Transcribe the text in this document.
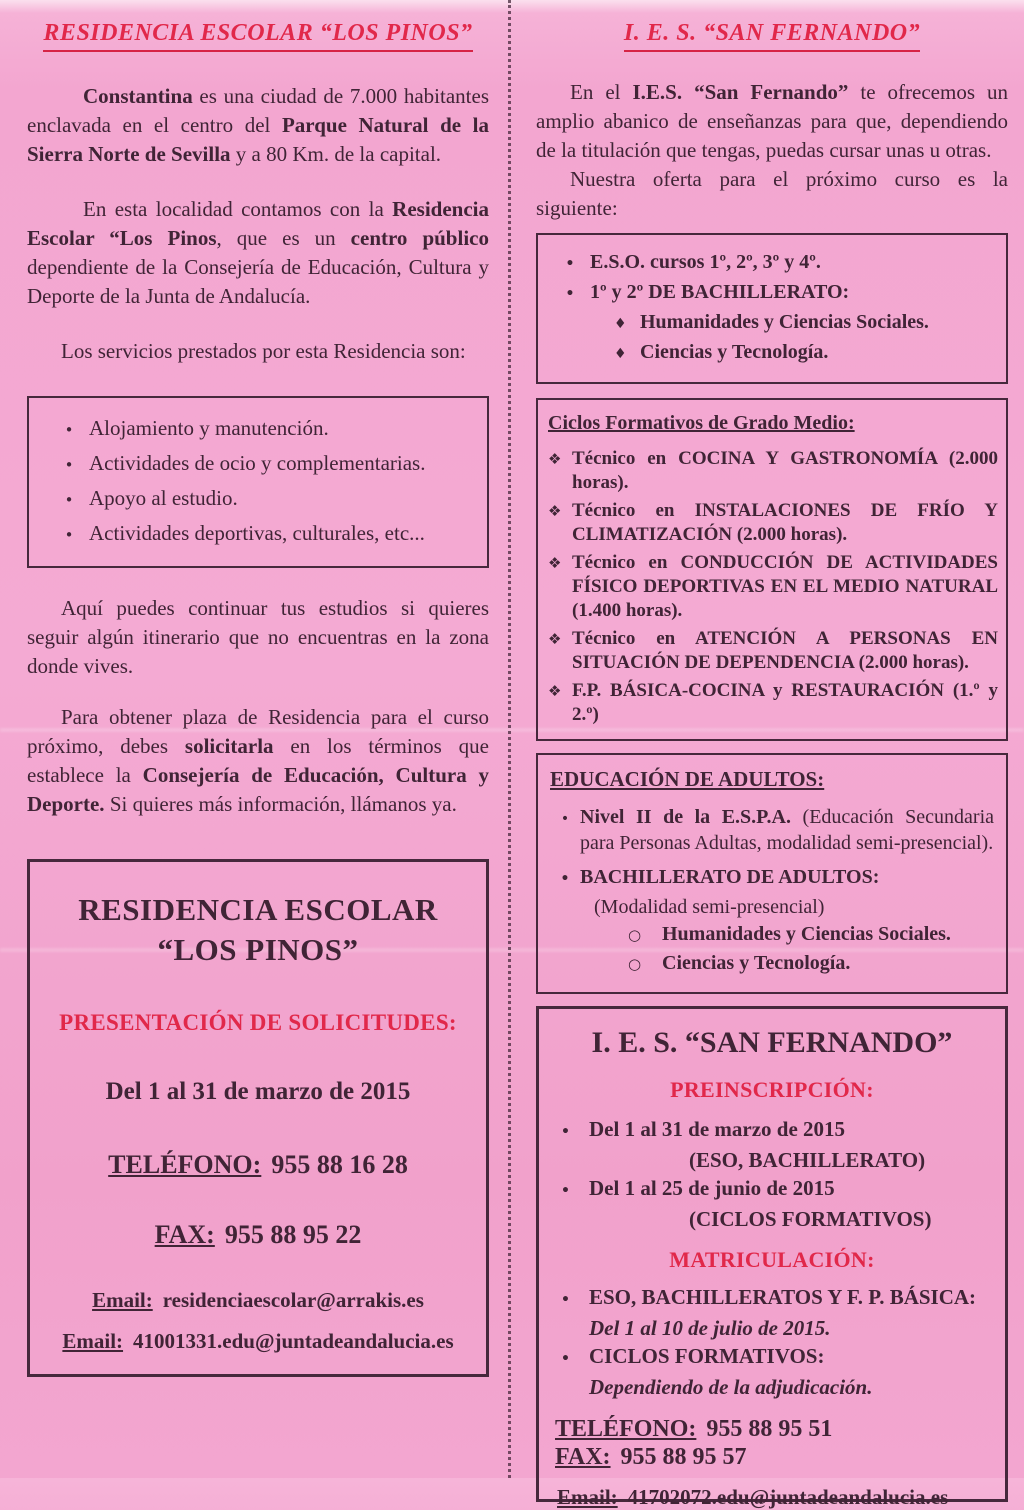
RESIDENCIA ESCOLAR “LOS PINOS”

Constantina es una ciudad de 7.000 habitantes enclavada en el centro del Parque Natural de la Sierra Norte de Sevilla y a 80 Km. de la capital.

En esta localidad contamos con la Residencia Escolar “Los Pinos, que es un centro público dependiente de la Consejería de Educación, Cultura y Deporte de la Junta de Andalucía.

Los servicios prestados por esta Residencia son:

• Alojamiento y manutención.
• Actividades de ocio y complementarias.
• Apoyo al estudio.
• Actividades deportivas, culturales, etc...

Aquí puedes continuar tus estudios si quieres seguir algún itinerario que no encuentras en la zona donde vives.

Para obtener plaza de Residencia para el curso próximo, debes solicitarla en los términos que establece la Consejería de Educación, Cultura y Deporte. Si quieres más información, llámanos ya.

RESIDENCIA ESCOLAR
“LOS PINOS”
PRESENTACIÓN DE SOLICITUDES:
Del 1 al 31 de marzo de 2015
TELÉFONO: 955 88 16 28
FAX: 955 88 95 22
Email: residenciaescolar@arrakis.es
Email: 41001331.edu@juntadeandalucia.es
I. E. S. “SAN FERNANDO”

En el I.E.S. “San Fernando” te ofrecemos un amplio abanico de enseñanzas para que, dependiendo de la titulación que tengas, puedas cursar unas u otras.

Nuestra oferta para el próximo curso es la siguiente:

• E.S.O. cursos 1º, 2º, 3º y 4º.
• 1º y 2º DE BACHILLERATO:
♦ Humanidades y Ciencias Sociales.
♦ Ciencias y Tecnología.
Ciclos Formativos de Grado Medio:
❖ Técnico en COCINA Y GASTRONOMÍA (2.000 horas).
❖ Técnico en INSTALACIONES DE FRÍO Y CLIMATIZACIÓN (2.000 horas).
❖ Técnico en CONDUCCIÓN DE ACTIVIDADES FÍSICO DEPORTIVAS EN EL MEDIO NATURAL (1.400 horas).
❖ Técnico en ATENCIÓN A PERSONAS EN SITUACIÓN DE DEPENDENCIA (2.000 horas).
❖ F.P. BÁSICA-COCINA y RESTAURACIÓN (1.º y 2.º)
EDUCACIÓN DE ADULTOS:
• Nivel II de la E.S.P.A. (Educación Secundaria para Personas Adultas, modalidad semi-presencial).
• BACHILLERATO DE ADULTOS:
(Modalidad semi-presencial)
○	Humanidades y Ciencias Sociales.
○	Ciencias y Tecnología.
I. E. S. “SAN FERNANDO”
PREINSCRIPCIÓN:
• Del 1 al 31 de marzo de 2015
(ESO, BACHILLERATO)
• Del 1 al 25 de junio de 2015
(CICLOS FORMATIVOS)
MATRICULACIÓN:
• ESO, BACHILLERATOS Y F. P. BÁSICA:
Del 1 al 10 de julio de 2015.
• CICLOS FORMATIVOS:
Dependiendo de la adjudicación.
TELÉFONO: 955 88 95 51
FAX: 955 88 95 57
Email: 41702072.edu@juntadeandalucia.es
